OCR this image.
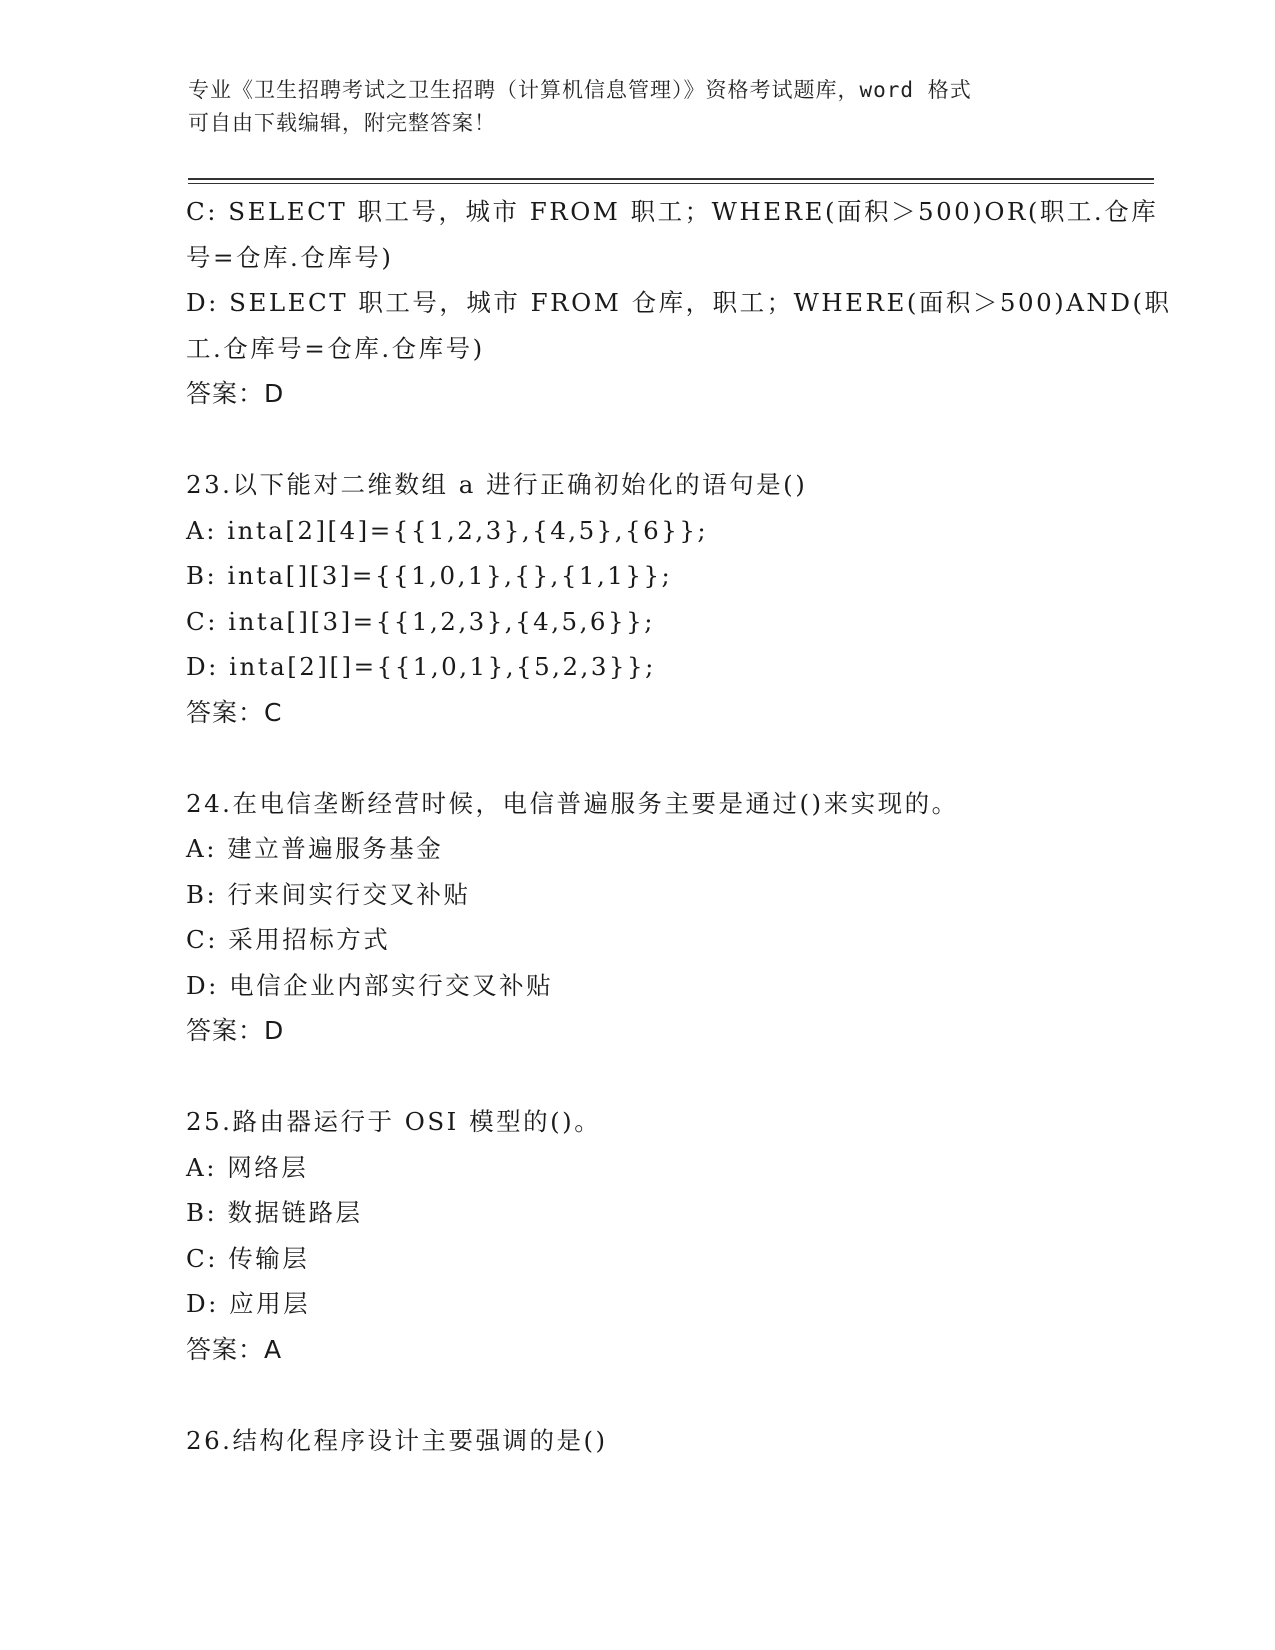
专业《卫生招聘考试之卫生招聘（计算机信息管理）》资格考试题库，word 格式
可自由下载编辑，附完整答案！
C: SELECT 职工号，城市 FROM 职工；WHERE(面积＞500)OR(职工.仓库
号=仓库.仓库号)
D: SELECT 职工号，城市 FROM 仓库，职工；WHERE(面积＞500)AND(职
工.仓库号=仓库.仓库号)
答案：D
23.以下能对二维数组 a 进行正确初始化的语句是()
A: inta[2][4]={{1,2,3},{4,5},{6}};
B: inta[][3]={{1,0,1},{},{1,1}};
C: inta[][3]={{1,2,3},{4,5,6}};
D: inta[2][]={{1,0,1},{5,2,3}};
答案：C
24.在电信垄断经营时候，电信普遍服务主要是通过()来实现的。
A: 建立普遍服务基金
B: 行来间实行交叉补贴
C: 采用招标方式
D: 电信企业内部实行交叉补贴
答案：D
25.路由器运行于 OSI 模型的()。
A: 网络层
B: 数据链路层
C: 传输层
D: 应用层
答案：A
26.结构化程序设计主要强调的是()
